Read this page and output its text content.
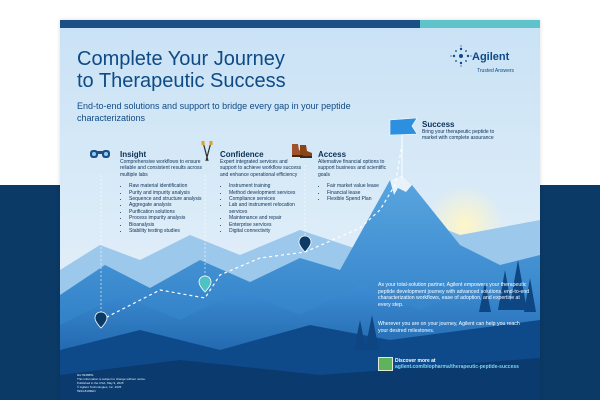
Complete Your Journey
to Therapeutic Success

End-to-end solutions and support to bridge every gap in your peptide characterizations

Agilent
Trusted Answers
Insight

Comprehensive workflows to ensure reliable and consistent results across multiple labs

• Raw material identification
• Purity and impurity analysis
• Sequence and structure analysis
• Aggregate analysis
• Purification solutions
• Process impurity analysis
• Bioanalysis
• Stability testing studies
Confidence

Expert integrated services and support to achieve workflow success and enhance operational efficiency

• Instrument training
• Method development services
• Compliance services
• Lab and instrument relocation services
• Maintenance and repair
• Enterprise services
• Digital connectivity
Access

Alternative financial options to support business and scientific goals

• Fair market value lease
• Financial lease
• Flexible Spend Plan
Success

Bring your therapeutic peptide to market with complete assurance

As your total-solution partner, Agilent empowers your therapeutic peptide development journey with advanced solutions, end-to-end characterization workflows, ease of adoption, and expertise at every step.
Wherever you are on your journey, Agilent can help you reach your desired milestones.
Discover more at
agilent.com/biopharma/therapeutic-peptide-success
RA.5948851
This information is subject to change without notice.
Published in the USA, May 9, 2025
© Agilent Technologies, Inc. 2025
5994-8199EN
